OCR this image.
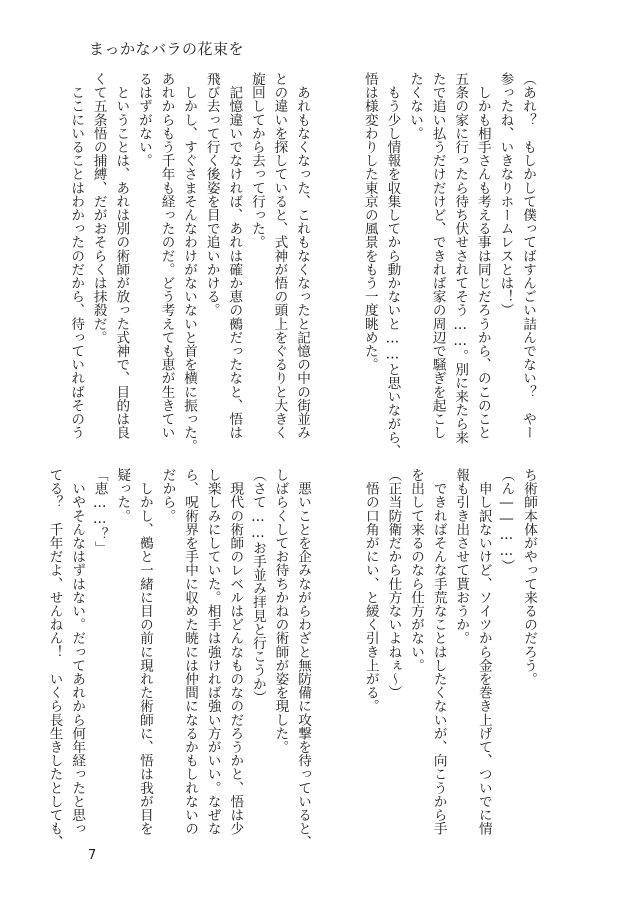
まっかなバラの花束を

（あれ？　もしかして僕ってばすんごい詰んでない？　やー

参ったね、いきなりホームレスとは！）

　しかも相手さんも考える事は同じだろうから、のこのこと

五条の家に行ったら待ち伏せされてそう……。別に来たら来

たで追い払うだけだけど、できれば家の周辺で騒ぎを起こし

たくない。

　もう少し情報を収集してから動かないと……と思いながら、

悟は様変わりした東京の風景をもう一度眺めた。

　あれもなくなった、これもなくなったと記憶の中の街並み

との違いを探していると、式神が悟の頭上をぐるりと大きく

旋回してから去って行った。

　記憶違いでなければ、あれは確か恵の鵺だったなと、悟は

飛び去って行く後姿を目で追いかける。

　しかし、すぐさまそんなわけがないないと首を横に振った。

あれからもう千年も経ったのだ。どう考えても恵が生きてい

るはずがない。

　ということは、あれは別の術師が放った式神で、目的は良

くて五条悟の捕縛、だがおそらくは抹殺だ。

　ここにいることはわかったのだから、待っていればそのう

ち術師本体がやって来るのだろう。

（ん――……）

　申し訳ないけど、ソイツから金を巻き上げて、ついでに情

報も引き出させて貰おうか。

　できればそんな手荒なことはしたくないが、向こうから手

を出して来るのなら仕方がない。

（正当防衛だから仕方ないよねぇ～）

　悟の口角がにい、と緩く引き上がる。

　悪いことを企みながらわざと無防備に攻撃を待っていると、

しばらくしてお待ちかねの術師が姿を現した。

（さて……お手並み拝見と行こうか）

　現代の術師のレベルはどんなものなのだろうかと、悟は少

し楽しみにしていた。相手は強ければ強い方がいい。なぜな

ら、呪術界を手中に収めた暁には仲間になるかもしれないの

だから。

　しかし、鵺と一緒に目の前に現れた術師に、悟は我が目を

疑った。

「恵……？」

　いやそんなはずはない。だってあれから何年経ったと思っ

てる？　千年だよ、せんねん！　いくら長生きしたとしても、

7
